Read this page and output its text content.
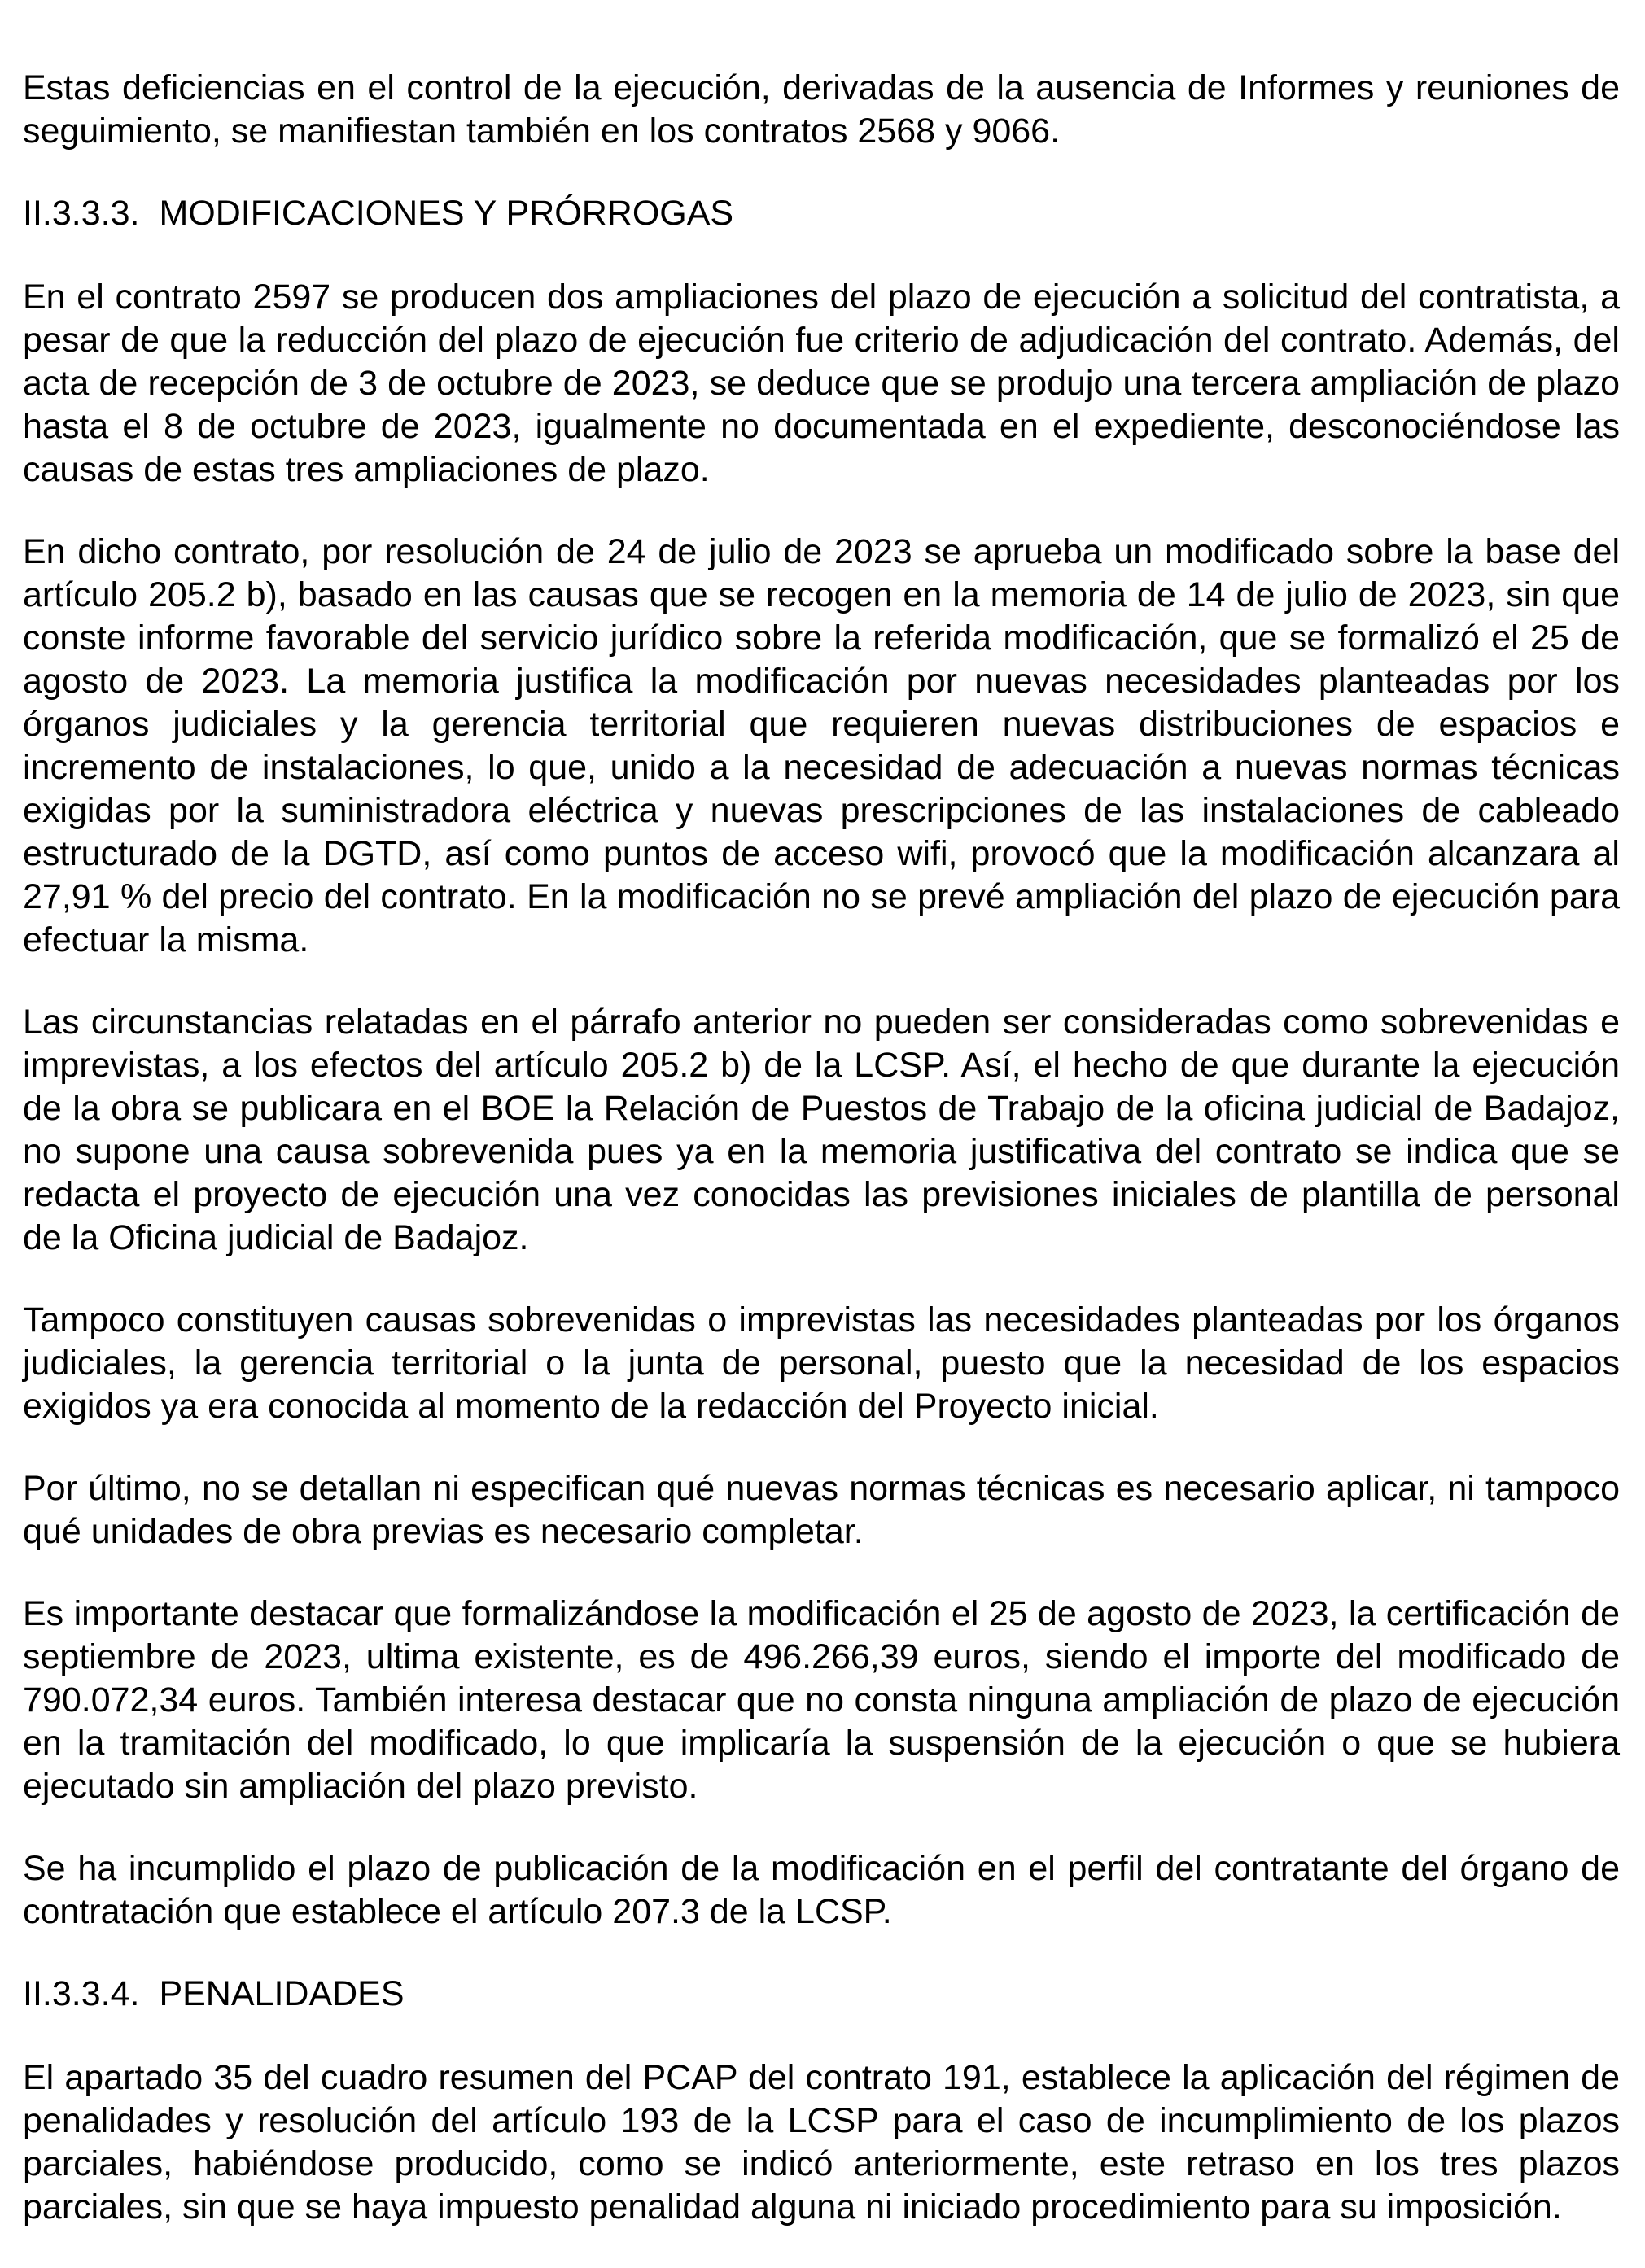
Estas deficiencias en el control de la ejecución, derivadas de la ausencia de Informes y reuniones de seguimiento, se manifiestan también en los contratos 2568 y 9066.

II.3.3.3. MODIFICACIONES Y PRÓRROGAS

En el contrato 2597 se producen dos ampliaciones del plazo de ejecución a solicitud del contratista, a pesar de que la reducción del plazo de ejecución fue criterio de adjudicación del contrato. Además, del acta de recepción de 3 de octubre de 2023, se deduce que se produjo una tercera ampliación de plazo hasta el 8 de octubre de 2023, igualmente no documentada en el expediente, desconociéndose las causas de estas tres ampliaciones de plazo.

En dicho contrato, por resolución de 24 de julio de 2023 se aprueba un modificado sobre la base del artículo 205.2 b), basado en las causas que se recogen en la memoria de 14 de julio de 2023, sin que conste informe favorable del servicio jurídico sobre la referida modificación, que se formalizó el 25 de agosto de 2023. La memoria justifica la modificación por nuevas necesidades planteadas por los órganos judiciales y la gerencia territorial que requieren nuevas distribuciones de espacios e incremento de instalaciones, lo que, unido a la necesidad de adecuación a nuevas normas técnicas exigidas por la suministradora eléctrica y nuevas prescripciones de las instalaciones de cableado estructurado de la DGTD, así como puntos de acceso wifi, provocó que la modificación alcanzara al 27,91 % del precio del contrato. En la modificación no se prevé ampliación del plazo de ejecución para efectuar la misma.

Las circunstancias relatadas en el párrafo anterior no pueden ser consideradas como sobrevenidas e imprevistas, a los efectos del artículo 205.2 b) de la LCSP. Así, el hecho de que durante la ejecución de la obra se publicara en el BOE la Relación de Puestos de Trabajo de la oficina judicial de Badajoz, no supone una causa sobrevenida pues ya en la memoria justificativa del contrato se indica que se redacta el proyecto de ejecución una vez conocidas las previsiones iniciales de plantilla de personal de la Oficina judicial de Badajoz.

Tampoco constituyen causas sobrevenidas o imprevistas las necesidades planteadas por los órganos judiciales, la gerencia territorial o la junta de personal, puesto que la necesidad de los espacios exigidos ya era conocida al momento de la redacción del Proyecto inicial.

Por último, no se detallan ni especifican qué nuevas normas técnicas es necesario aplicar, ni tampoco qué unidades de obra previas es necesario completar.

Es importante destacar que formalizándose la modificación el 25 de agosto de 2023, la certificación de septiembre de 2023, ultima existente, es de 496.266,39 euros, siendo el importe del modificado de 790.072,34 euros. También interesa destacar que no consta ninguna ampliación de plazo de ejecución en la tramitación del modificado, lo que implicaría la suspensión de la ejecución o que se hubiera ejecutado sin ampliación del plazo previsto.

Se ha incumplido el plazo de publicación de la modificación en el perfil del contratante del órgano de contratación que establece el artículo 207.3 de la LCSP.

II.3.3.4. PENALIDADES

El apartado 35 del cuadro resumen del PCAP del contrato 191, establece la aplicación del régimen de penalidades y resolución del artículo 193 de la LCSP para el caso de incumplimiento de los plazos parciales, habiéndose producido, como se indicó anteriormente, este retraso en los tres plazos parciales, sin que se haya impuesto penalidad alguna ni iniciado procedimiento para su imposición.
